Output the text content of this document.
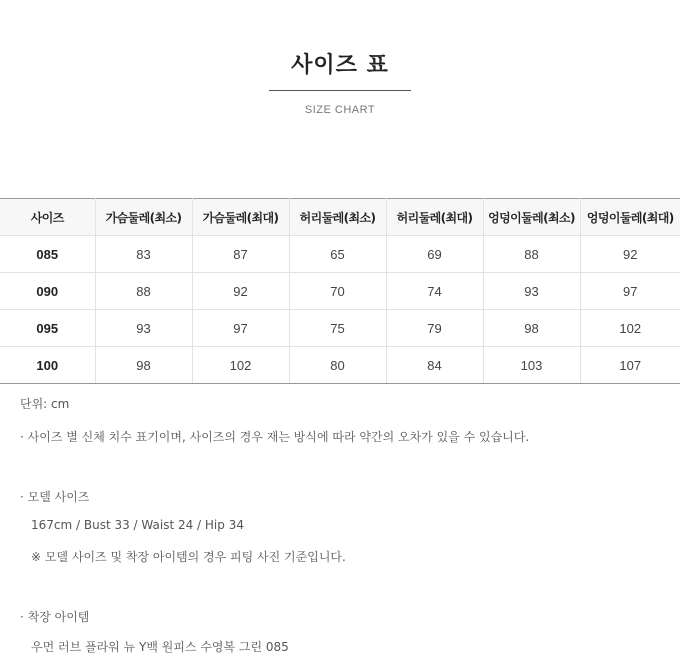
사이즈 표
SIZE CHART
사이즈	가슴둘레(최소)	가슴둘레(최대)	허리둘레(최소)	허리둘레(최대)	엉덩이둘레(최소)	엉덩이둘레(최대)
085	83	87	65	69	88	92
090	88	92	70	74	93	97
095	93	97	75	79	98	102
100	98	102	80	84	103	107
단위: cm
· 사이즈 별 신체 치수 표기이며, 사이즈의 경우 재는 방식에 따라 약간의 오차가 있을 수 있습니다.
· 모델 사이즈
167cm / Bust 33 / Waist 24 / Hip 34
※ 모델 사이즈 및 착장 아이템의 경우 피팅 사진 기준입니다.
· 착장 아이템
우먼 러브 플라워 뉴 Y백 원피스 수영복 그린 085
